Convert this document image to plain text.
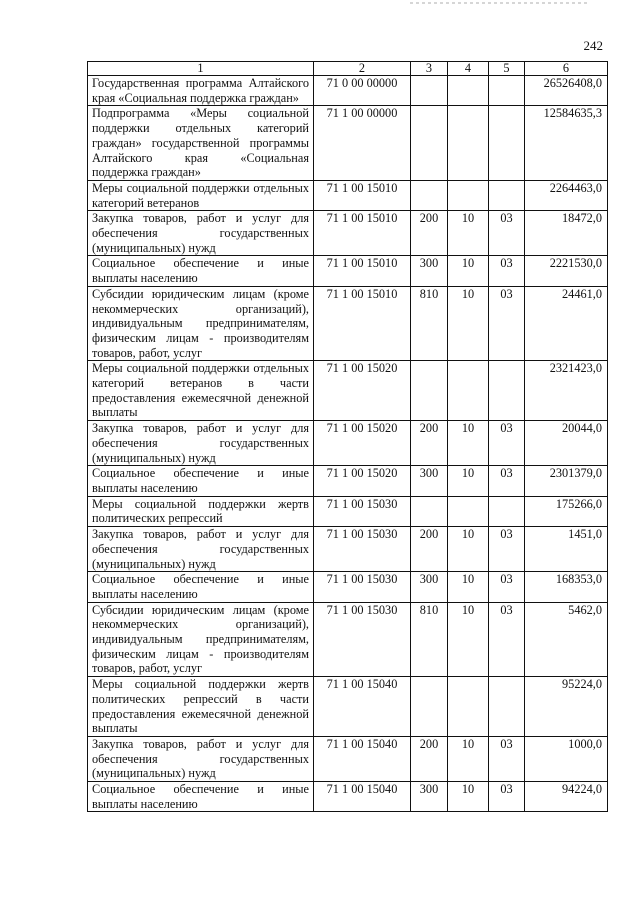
242
1	2	3	4	5	6
Государственная программа Алтайского края «Социальная поддержка граждан»	71 0 00 00000				26526408,0
Подпрограмма «Меры социальной поддержки отдельных категорий граждан» государственной программы Алтайского края «Социальная поддержка граждан»	71 1 00 00000				12584635,3
Меры социальной поддержки отдельных категорий ветеранов	71 1 00 15010				2264463,0
Закупка товаров, работ и услуг для обеспечения государственных (муниципальных) нужд	71 1 00 15010	200	10	03	18472,0
Социальное обеспечение и иные выплаты населению	71 1 00 15010	300	10	03	2221530,0
Субсидии юридическим лицам (кроме некоммерческих организаций), индивидуальным предпринимателям, физическим лицам - производителям товаров, работ, услуг	71 1 00 15010	810	10	03	24461,0
Меры социальной поддержки отдельных категорий ветеранов в части предоставления ежемесячной денежной выплаты	71 1 00 15020				2321423,0
Закупка товаров, работ и услуг для обеспечения государственных (муниципальных) нужд	71 1 00 15020	200	10	03	20044,0
Социальное обеспечение и иные выплаты населению	71 1 00 15020	300	10	03	2301379,0
Меры социальной поддержки жертв политических репрессий	71 1 00 15030				175266,0
Закупка товаров, работ и услуг для обеспечения государственных (муниципальных) нужд	71 1 00 15030	200	10	03	1451,0
Социальное обеспечение и иные выплаты населению	71 1 00 15030	300	10	03	168353,0
Субсидии юридическим лицам (кроме некоммерческих организаций), индивидуальным предпринимателям, физическим лицам - производителям товаров, работ, услуг	71 1 00 15030	810	10	03	5462,0
Меры социальной поддержки жертв политических репрессий в части предоставления ежемесячной денежной выплаты	71 1 00 15040				95224,0
Закупка товаров, работ и услуг для обеспечения государственных (муниципальных) нужд	71 1 00 15040	200	10	03	1000,0
Социальное обеспечение и иные выплаты населению	71 1 00 15040	300	10	03	94224,0
